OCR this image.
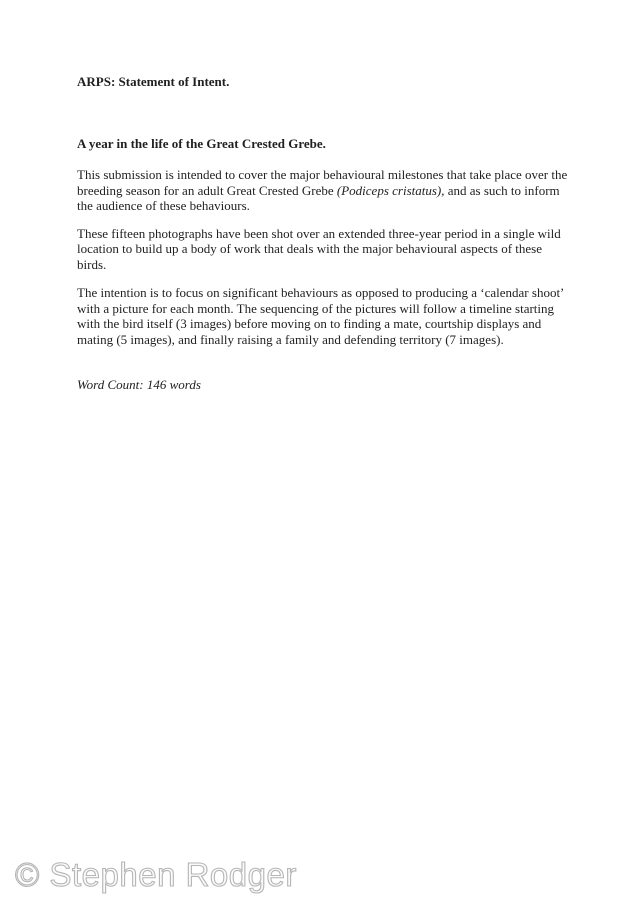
ARPS: Statement of Intent.
A year in the life of the Great Crested Grebe.

This submission is intended to cover the major behavioural milestones that take place over the breeding season for an adult Great Crested Grebe (Podiceps cristatus), and as such to inform the audience of these behaviours.

These fifteen photographs have been shot over an extended three-year period in a single wild location to build up a body of work that deals with the major behavioural aspects of these birds.

The intention is to focus on significant behaviours as opposed to producing a ‘calendar shoot’ with a picture for each month. The sequencing of the pictures will follow a timeline starting with the bird itself (3 images) before moving on to finding a mate, courtship displays and mating (5 images), and finally raising a family and defending territory (7 images).

Word Count: 146 words

© Stephen Rodger
